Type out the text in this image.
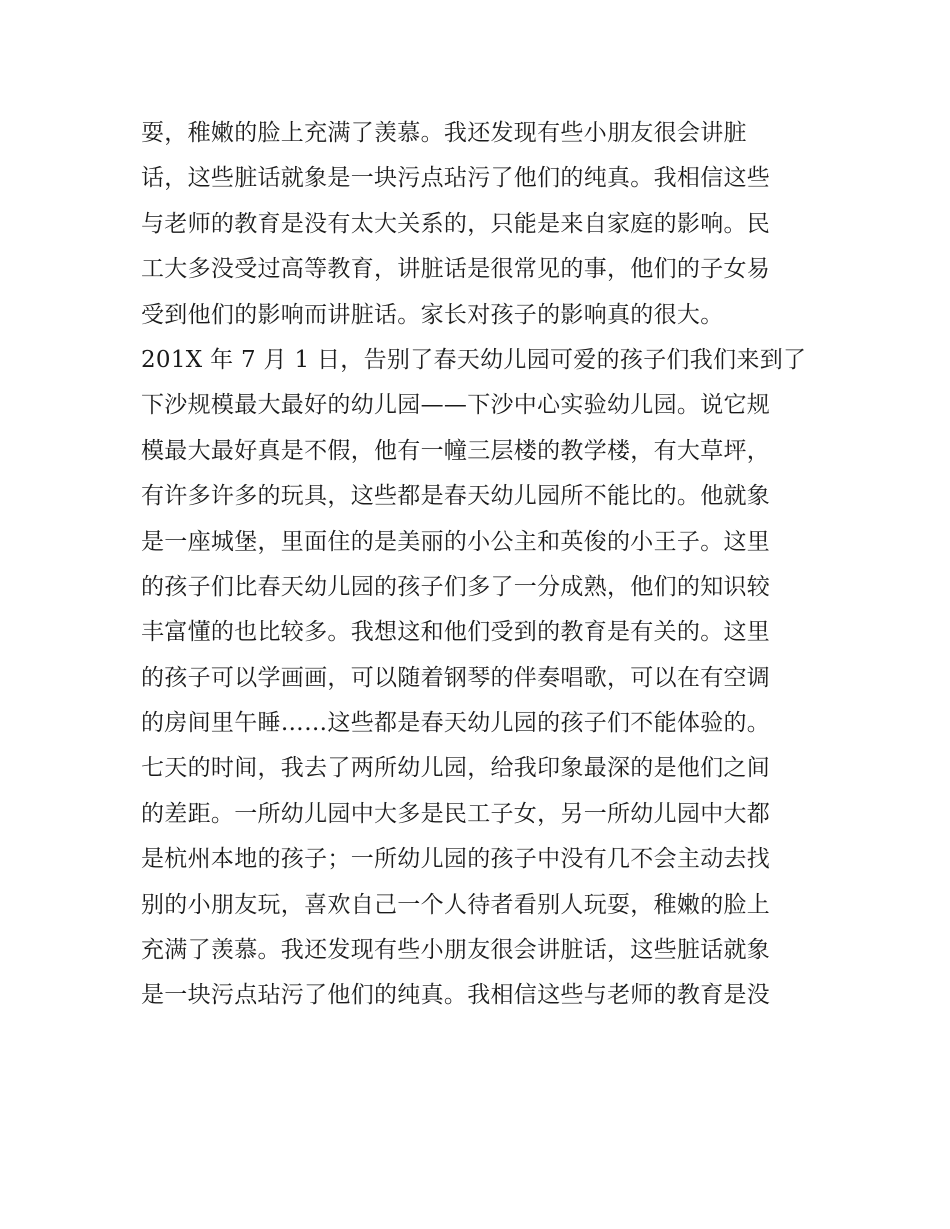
耍，稚嫩的脸上充满了羡慕。我还发现有些小朋友很会讲脏
话，这些脏话就象是一块污点玷污了他们的纯真。我相信这些
与老师的教育是没有太大关系的，只能是来自家庭的影响。民
工大多没受过高等教育，讲脏话是很常见的事，他们的子女易
受到他们的影响而讲脏话。家长对孩子的影响真的很大。
201X 年 7 月 1 日，告别了春天幼儿园可爱的孩子们我们来到了
下沙规模最大最好的幼儿园——下沙中心实验幼儿园。说它规
模最大最好真是不假，他有一幢三层楼的教学楼，有大草坪，
有许多许多的玩具，这些都是春天幼儿园所不能比的。他就象
是一座城堡，里面住的是美丽的小公主和英俊的小王子。这里
的孩子们比春天幼儿园的孩子们多了一分成熟，他们的知识较
丰富懂的也比较多。我想这和他们受到的教育是有关的。这里
的孩子可以学画画，可以随着钢琴的伴奏唱歌，可以在有空调
的房间里午睡……这些都是春天幼儿园的孩子们不能体验的。
七天的时间，我去了两所幼儿园，给我印象最深的是他们之间
的差距。一所幼儿园中大多是民工子女，另一所幼儿园中大都
是杭州本地的孩子；一所幼儿园的孩子中没有几不会主动去找
别的小朋友玩，喜欢自己一个人待者看别人玩耍，稚嫩的脸上
充满了羡慕。我还发现有些小朋友很会讲脏话，这些脏话就象
是一块污点玷污了他们的纯真。我相信这些与老师的教育是没
